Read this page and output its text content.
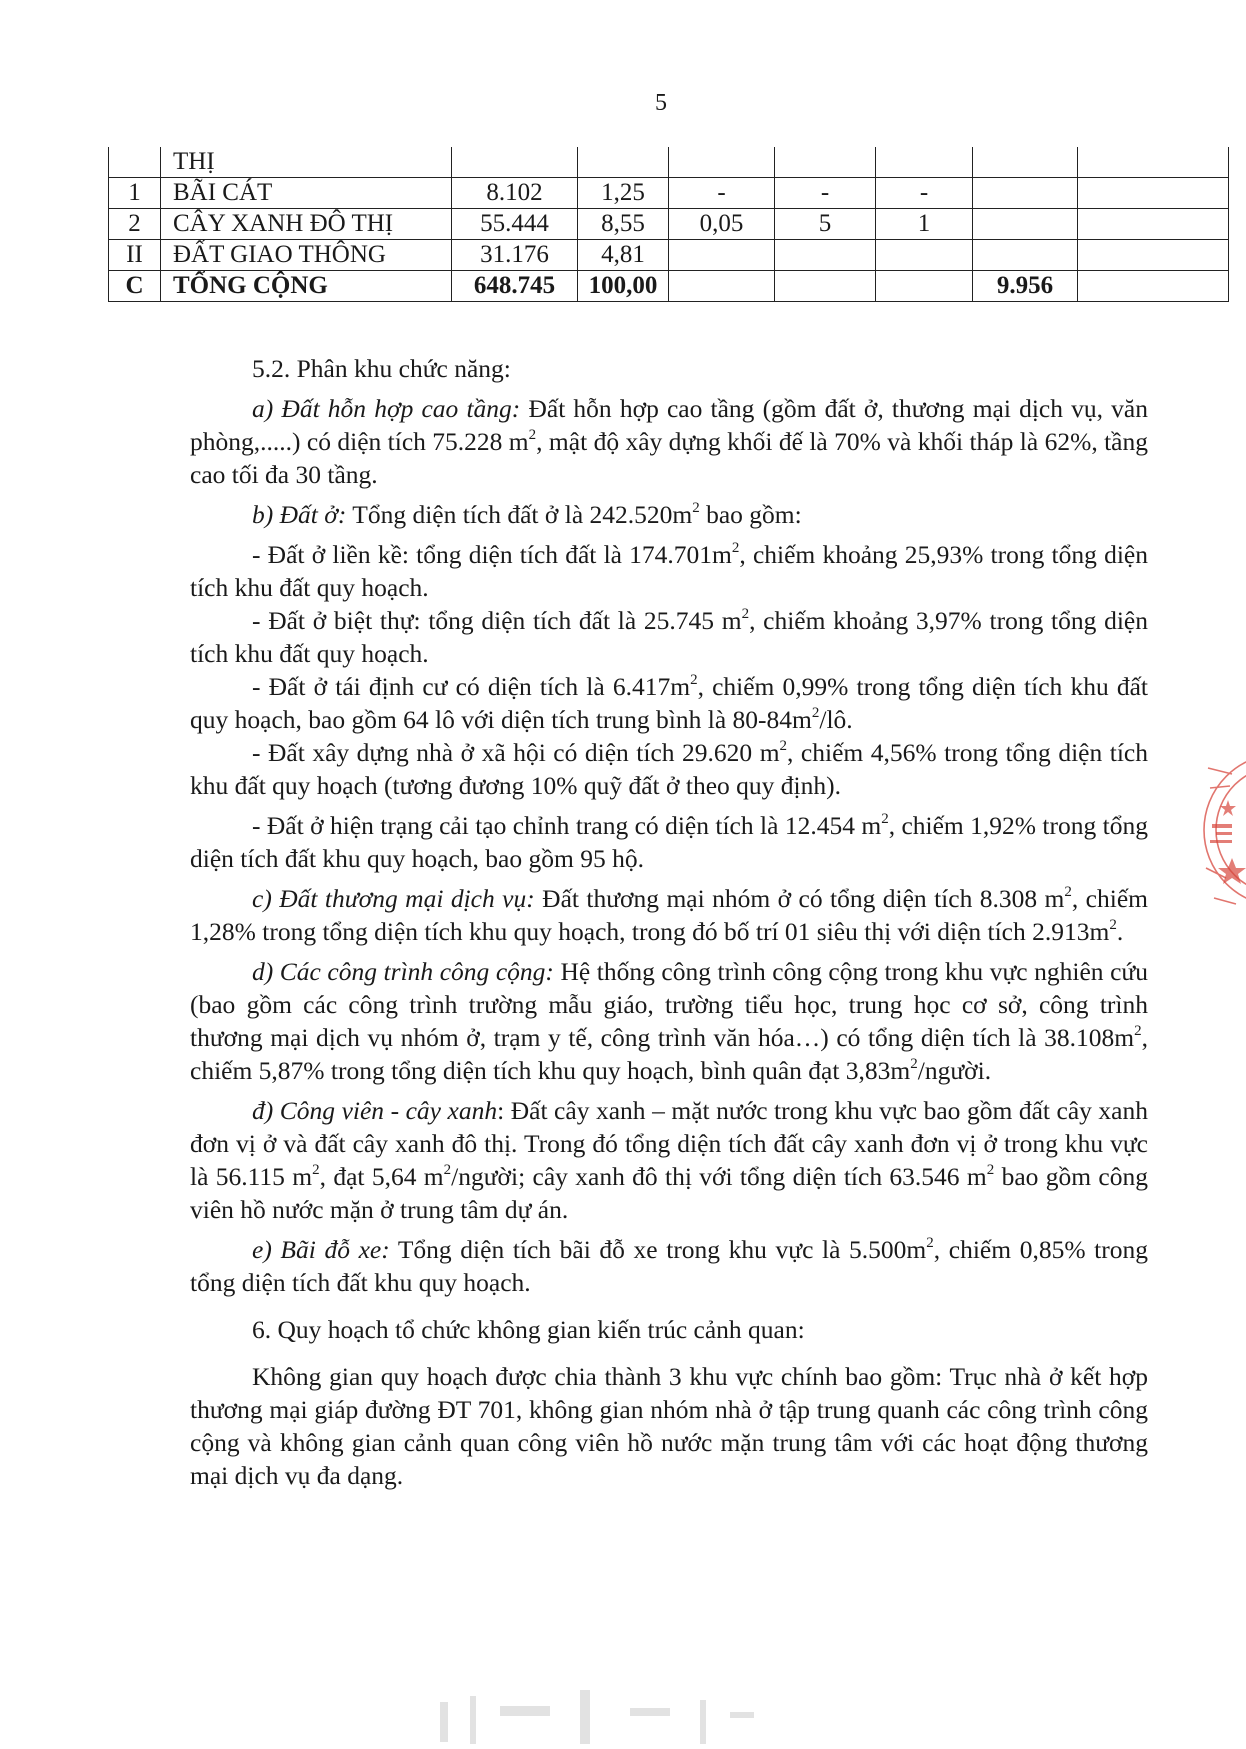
5
	THỊ							
1	BÃI CÁT	8.102	1,25	-	-	-		
2	CÂY XANH ĐÔ THỊ	55.444	8,55	0,05	5	1		
II	ĐẤT GIAO THÔNG	31.176	4,81					
C	TỔNG CỘNG	648.745	100,00				9.956	

5.2. Phân khu chức năng:

a) Đất hỗn hợp cao tầng: Đất hỗn hợp cao tầng (gồm đất ở, thương mại dịch vụ, văn phòng,.....) có diện tích 75.228 $m^2$, mật độ xây dựng khối đế là 70% và khối tháp là 62%, tầng cao tối đa 30 tầng.

b) Đất ở: Tổng diện tích đất ở là $242.520m^2$ bao gồm:

- Đất ở liền kề: tổng diện tích đất là $174.701m^2$, chiếm khoảng 25,93% trong tổng diện tích khu đất quy hoạch.

- Đất ở biệt thự: tổng diện tích đất là 25.745 $m^2$, chiếm khoảng 3,97% trong tổng diện tích khu đất quy hoạch.

- Đất ở tái định cư có diện tích là $6.417m^2$, chiếm 0,99% trong tổng diện tích khu đất quy hoạch, bao gồm 64 lô với diện tích trung bình là $80-84m^2/lô$.

- Đất xây dựng nhà ở xã hội có diện tích 29.620 $m^2$, chiếm 4,56% trong tổng diện tích khu đất quy hoạch (tương đương 10% quỹ đất ở theo quy định).

- Đất ở hiện trạng cải tạo chỉnh trang có diện tích là 12.454 $m^2$, chiếm 1,92% trong tổng diện tích đất khu quy hoạch, bao gồm 95 hộ.

c) Đất thương mại dịch vụ: Đất thương mại nhóm ở có tổng diện tích 8.308 $m^2$, chiếm 1,28% trong tổng diện tích khu quy hoạch, trong đó bố trí 01 siêu thị với diện tích $2.913m^2$.

d) Các công trình công cộng: Hệ thống công trình công cộng trong khu vực nghiên cứu (bao gồm các công trình trường mẫu giáo, trường tiểu học, trung học cơ sở, công trình thương mại dịch vụ nhóm ở, trạm y tế, công trình văn hóa…) có tổng diện tích là $38.108m^2$, chiếm 5,87% trong tổng diện tích khu quy hoạch, bình quân đạt $3,83m^2$/người.

đ) Công viên - cây xanh: Đất cây xanh – mặt nước trong khu vực bao gồm đất cây xanh đơn vị ở và đất cây xanh đô thị. Trong đó tổng diện tích đất cây xanh đơn vị ở trong khu vực là 56.115 $m^2$, đạt 5,64 $m^2$/người; cây xanh đô thị với tổng diện tích 63.546 $m^2$ bao gồm công viên hồ nước mặn ở trung tâm dự án.

e) Bãi đỗ xe: Tổng diện tích bãi đỗ xe trong khu vực là $5.500m^2$, chiếm 0,85% trong tổng diện tích đất khu quy hoạch.

6. Quy hoạch tổ chức không gian kiến trúc cảnh quan:

Không gian quy hoạch được chia thành 3 khu vực chính bao gồm: Trục nhà ở kết hợp thương mại giáp đường ĐT 701, không gian nhóm nhà ở tập trung quanh các công trình công cộng và không gian cảnh quan công viên hồ nước mặn trung tâm với các hoạt động thương mại dịch vụ đa dạng.
